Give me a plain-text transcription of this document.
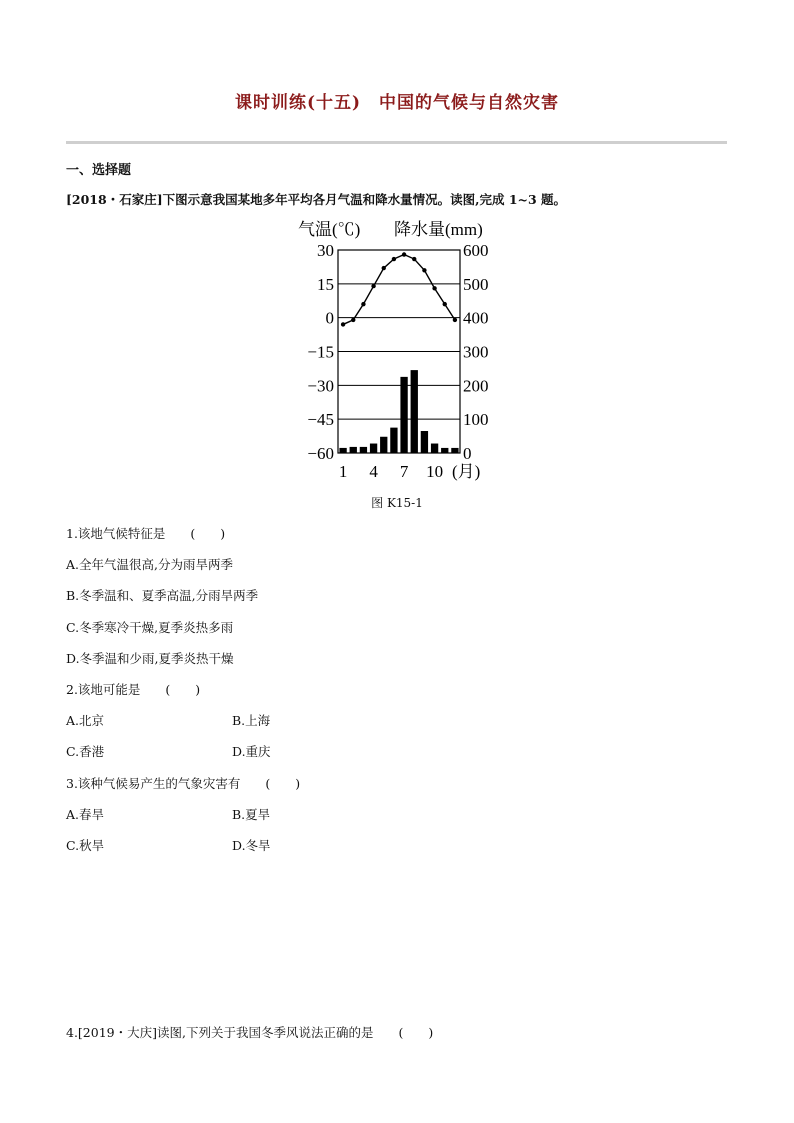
课时训练(十五)　中国的气候与自然灾害
一、选择题
[2018・石家庄]下图示意我国某地多年平均各月气温和降水量情况。读图,完成 1~3 题。
气温(℃) 降水量(mm)
30
15
0
−15
−30
−45
−60
600
500
400
300
200
100
0
1 4 7 10 (月)
图 K15-1
1.该地气候特征是　　(　　)
A.全年气温很高,分为雨旱两季
B.冬季温和、夏季高温,分雨旱两季
C.冬季寒冷干燥,夏季炎热多雨
D.冬季温和少雨,夏季炎热干燥
2.该地可能是　　(　　)
A.北京	B.上海
C.香港	D.重庆
3.该种气候易产生的气象灾害有　　(　　)
A.春旱	B.夏旱
C.秋旱	D.冬旱
4.[2019・大庆]读图,下列关于我国冬季风说法正确的是　　(　　)
